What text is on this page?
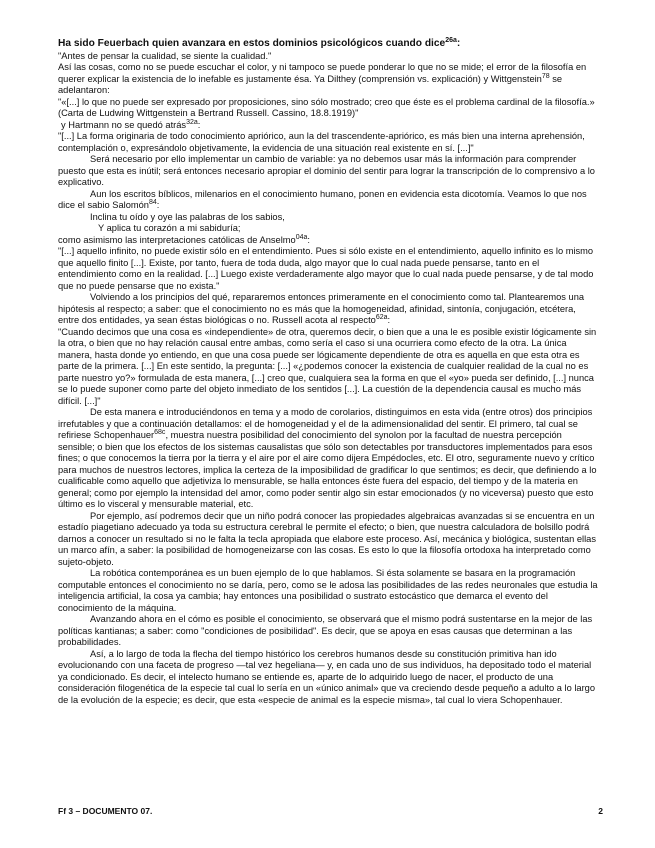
Ha sido Feuerbach quien avanzara en estos dominios psicológicos cuando dice$^{26a}$:

"Antes de pensar la cualidad, se siente la cualidad."

Así las cosas, como no se puede escuchar el color, y ni tampoco se puede ponderar lo que no se mide; el error de la filosofía en querer explicar la existencia de lo inefable es justamente ésa. Ya Dilthey (comprensión vs. explicación) y Wittgenstein$^{78}$ se adelantaron:

"«[...] lo que no puede ser expresado por proposiciones, sino sólo mostrado; creo que éste es el problema cardinal de la filosofía.» (Carta de Ludwing Wittgenstein a Bertrand Russell. Cassino, 18.8.1919)"

y Hartmann no se quedó atrás$^{32a}$:

"[...] La forma originaria de todo conocimiento apriórico, aun la del trascendente-apriórico, es más bien una interna aprehensión, contemplación o, expresándolo objetivamente, la evidencia de una situación real existente en sí. [...]"

Será necesario por ello implementar un cambio de variable: ya no debemos usar más la información para comprender puesto que esta es inútil; será entonces necesario apropiar el dominio del sentir para lograr la transcripción de lo comprensivo a lo explicativo.

Aun los escritos bíblicos, milenarios en el conocimiento humano, ponen en evidencia esta dicotomía. Veamos lo que nos dice el sabio Salomón$^{84}$:

Inclina tu oído y oye las palabras de los sabios,

Y aplica tu corazón a mi sabiduría;

como asimismo las interpretaciones católicas de Anselmo$^{04a}$:

"[...] aquello infinito, no puede existir sólo en el entendimiento. Pues si sólo existe en el entendimiento, aquello infinito es lo mismo que aquello finito [...]. Existe, por tanto, fuera de toda duda, algo mayor que lo cual nada puede pensarse, tanto en el entendimiento como en la realidad. [...] Luego existe verdaderamente algo mayor que lo cual nada puede pensarse, y de tal modo que no puede pensarse que no exista."

Volviendo a los principios del qué, repararemos entonces primeramente en el conocimiento como tal. Plantearemos una hipótesis al respecto; a saber: que el conocimiento no es más que la homogeneidad, afinidad, sintonía, conjugación, etcétera, entre dos entidades, ya sean éstas biológicas o no. Russell acota al respecto$^{62a}$:

"Cuando decimos que una cosa es «independiente» de otra, queremos decir, o bien que a una le es posible existir lógicamente sin la otra, o bien que no hay relación causal entre ambas, como sería el caso si una ocurriera como efecto de la otra. La única manera, hasta donde yo entiendo, en que una cosa puede ser lógicamente dependiente de otra es aquella en que esta otra es parte de la primera. [...] En este sentido, la pregunta: [...] «¿podemos conocer la existencia de cualquier realidad de la cual no es parte nuestro yo?» formulada de esta manera, [...] creo que, cualquiera sea la forma en que el «yo» pueda ser definido, [...] nunca se lo puede suponer como parte del objeto inmediato de los sentidos [...]. La cuestión de la dependencia causal es mucho más difícil. [...]"

De esta manera e introduciéndonos en tema y a modo de corolarios, distinguimos en esta vida (entre otros) dos principios irrefutables y que a continuación detallamos: el de homogeneidad y el de la adimensionalidad del sentir. El primero, tal cual se refiriese Schopenhauer$^{68c}$, muestra nuestra posibilidad del conocimiento del synolon por la facultad de nuestra percepción sensible; o bien que los efectos de los sistemas causalistas que sólo son detectables por transductores implementados para esos fines; o que conocemos la tierra por la tierra y el aire por el aire como dijera Empédocles, etc. El otro, seguramente nuevo y crítico para muchos de nuestros lectores, implica la certeza de la imposibilidad de gradificar lo que sentimos; es decir, que definiendo a lo cualificable como aquello que adjetiviza lo mensurable, se halla entonces éste fuera del espacio, del tiempo y de la materia en general; como por ejemplo la intensidad del amor, como poder sentir algo sin estar emocionados (y no viceversa) puesto que esto último es lo visceral y mensurable material, etc.

Por ejemplo, así podremos decir que un niño podrá conocer las propiedades algebraicas avanzadas si se encuentra en un estadío piagetiano adecuado ya toda su estructura cerebral le permite el efecto; o bien, que nuestra calculadora de bolsillo podrá darnos a conocer un resultado si no le falta la tecla apropiada que elabore este proceso. Así, mecánica y biológica, sustentan ellas un marco afín, a saber: la posibilidad de homogeneizarse con las cosas. Es esto lo que la filosofía ortodoxa ha interpretado como sujeto-objeto.

La robótica contemporánea es un buen ejemplo de lo que hablamos. Si ésta solamente se basara en la programación computable entonces el conocimiento no se daría, pero, como se le adosa las posibilidades de las redes neuronales que estudia la inteligencia artificial, la cosa ya cambia; hay entonces una posibilidad o sustrato estocástico que demarca el evento del conocimiento de la máquina.

Avanzando ahora en el cómo es posible el conocimiento, se observará que el mismo podrá sustentarse en la mejor de las políticas kantianas; a saber: como "condiciones de posibilidad". Es decir, que se apoya en esas causas que determinan a las probabilidades.

Así, a lo largo de toda la flecha del tiempo histórico los cerebros humanos desde su constitución primitiva han ido evolucionando con una faceta de progreso —tal vez hegeliana— y, en cada uno de sus individuos, ha depositado todo el material ya condicionado. Es decir, el intelecto humano se entiende es, aparte de lo adquirido luego de nacer, el producto de una consideración filogenética de la especie tal cual lo sería en un «único animal» que va creciendo desde pequeño a adulto a lo largo de la evolución de la especie; es decir, que esta «especie de animal es la especie misma», tal cual lo viera Schopenhauer.

Ff 3 – DOCUMENTO 07.	2
